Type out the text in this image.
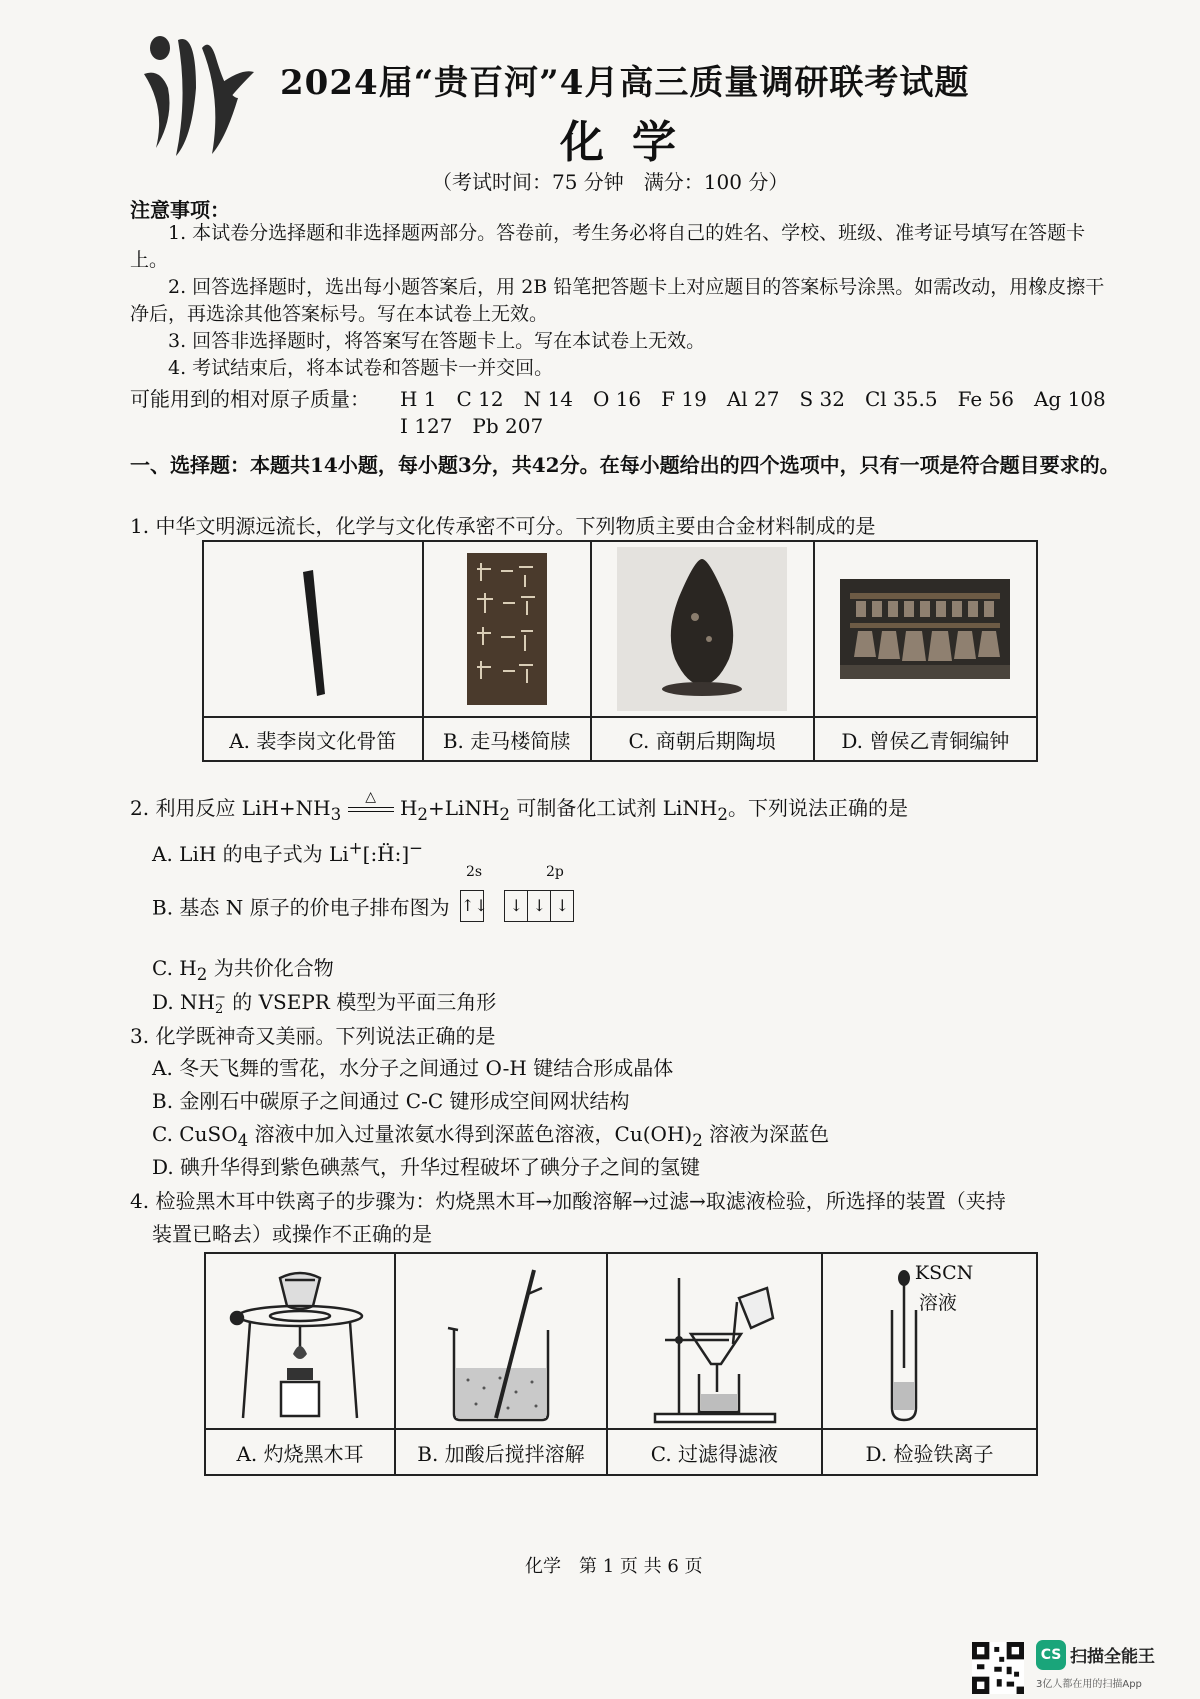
2024届“贵百河”4月高三质量调研联考试题
化学
（考试时间：75 分钟　满分：100 分）
注意事项：
1. 本试卷分选择题和非选择题两部分。答卷前，考生务必将自己的姓名、学校、班级、准考证号填写在答题卡上。
2. 回答选择题时，选出每小题答案后，用 2B 铅笔把答题卡上对应题目的答案标号涂黑。如需改动，用橡皮擦干净后，再选涂其他答案标号。写在本试卷上无效。
3. 回答非选择题时，将答案写在答题卡上。写在本试卷上无效。
4. 考试结束后，将本试卷和答题卡一并交回。
可能用到的相对原子质量： H 1　C 12　N 14　O 16　F 19　Al 27　S 32　Cl 35.5　Fe 56　Ag 108
I 127　Pb 207
一、选择题：本题共14小题，每小题3分，共42分。在每小题给出的四个选项中，只有一项是符合题目要求的。
1. 中华文明源远流长，化学与文化传承密不可分。下列物质主要由合金材料制成的是

A. 裴李岗文化骨笛	B. 走马楼简牍	C. 商朝后期陶埙	D. 曾侯乙青铜编钟
2. 利用反应 $LiH+NH_3$
△ $H_2+LiNH_2$ 可制备化工试剂 LiNH$_2$。下列说法正确的是
A. LiH 的电子式为 Li+[:Ḧ:]−
B. 基态 N 原子的价电子排布图为
2s	2p
↑↓ ↓ ↓ ↓
C. $H_2$ 为共价化合物
D. NH −
2 的 VSEPR 模型为平面三角形
3. 化学既神奇又美丽。下列说法正确的是
A. 冬天飞舞的雪花，水分子之间通过 O-H 键结合形成晶体
B. 金刚石中碳原子之间通过 C-C 键形成空间网状结构
C. CuSO$_4$ 溶液中加入过量浓氨水得到深蓝色溶液，$Cu(OH)_2$ 溶液为深蓝色
D. 碘升华得到紫色碘蒸气，升华过程破坏了碘分子之间的氢键
4. 检验黑木耳中铁离子的步骤为：灼烧黑木耳→加酸溶解→过滤→取滤液检验，所选择的装置（夹持
装置已略去）或操作不正确的是

KSCN
溶液

A. 灼烧黑木耳	B. 加酸后搅拌溶解	C. 过滤得滤液	D. 检验铁离子
化学　第 1 页 共 6 页
CS 扫描全能王
3亿人都在用的扫描App
